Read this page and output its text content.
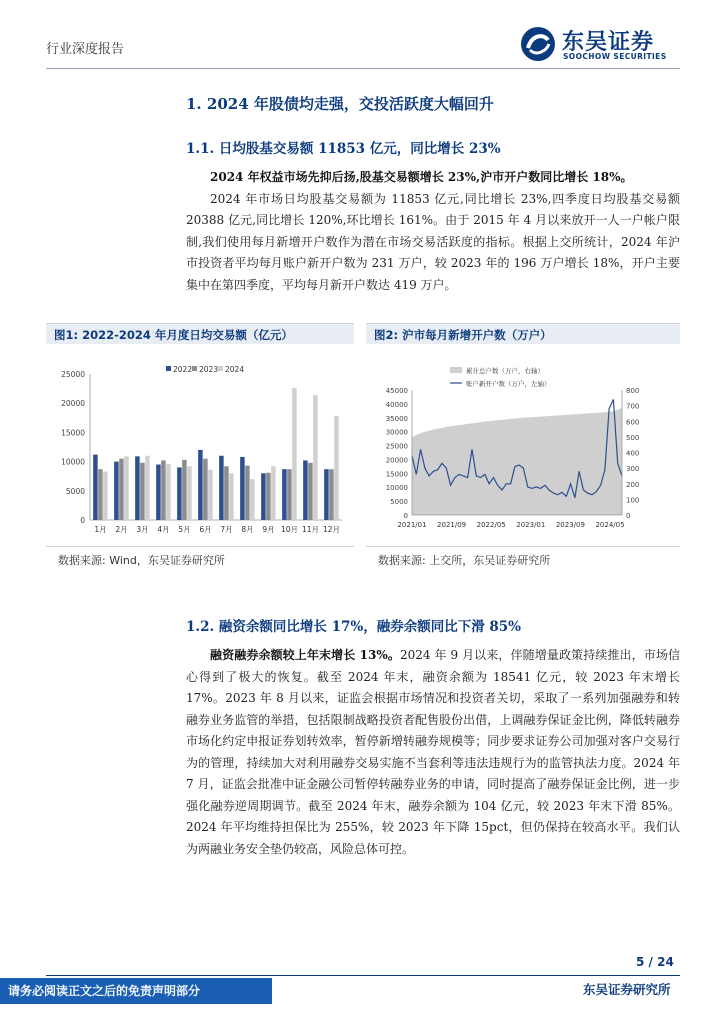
行业深度报告	东吴证券
SOOCHOW SECURITIES
1. 2024 年股债均走强，交投活跃度大幅回升
1.1. 日均股基交易额 11853 亿元，同比增长 23%
2024 年权益市场先抑后扬,股基交易额增长 23%,沪市开户数同比增长 18%。
2024 年市场日均股基交易额为 11853 亿元,同比增长 23%,四季度日均股基交易额 20388 亿元,同比增长 120%,环比增长 161%。由于 2015 年 4 月以来放开一人一户帐户限制,我们使用每月新增开户数作为潜在市场交易活跃度的指标。根据上交所统计，2024 年沪市投资者平均每月账户新开户数为 231 万户，较 2023 年的 196 万户增长 18%，开户主要集中在第四季度，平均每月新开户数达 419 万户。
图1: 2022-2024 年月度日均交易额（亿元）	图2: 沪市每月新增开户数（万户）
0
5000
10000
15000
20000
25000
1月 2月 3月 4月 5月 6月 7月 8月 9月 10月 11月 12月
2022 2023 2024
0
5000
10000
15000
20000
25000
30000
35000
40000
45000
0
100
200
300
400
500
600
700
800
2021/01 2021/09 2022/05 2023/01 2023/09 2024/05
累计总户数（万户，右轴）
账户新开户数（万户，左轴）
数据来源: Wind，东吴证券研究所	数据来源: 上交所，东吴证券研究所
1.2. 融资余额同比增长 17%，融券余额同比下滑 85%
融资融券余额较上年末增长 13%。2024 年 9 月以来，伴随增量政策持续推出，市场信心得到了极大的恢复。截至 2024 年末，融资余额为 18541 亿元，较 2023 年末增长 17%。2023 年 8 月以来，证监会根据市场情况和投资者关切，采取了一系列加强融券和转融券业务监管的举措，包括限制战略投资者配售股份出借，上调融券保证金比例，降低转融券市场化约定申报证券划转效率，暂停新增转融券规模等；同步要求证券公司加强对客户交易行为的管理，持续加大对利用融券交易实施不当套利等违法违规行为的监管执法力度。2024 年 7 月，证监会批准中证金融公司暂停转融券业务的申请，同时提高了融券保证金比例，进一步强化融券逆周期调节。截至 2024 年末，融券余额为 104 亿元，较 2023 年末下滑 85%。2024 年平均维持担保比为 255%，较 2023 年下降 15pct，但仍保持在较高水平。我们认为两融业务安全垫仍较高，风险总体可控。
5 / 24
请务必阅读正文之后的免责声明部分	东吴证券研究所
